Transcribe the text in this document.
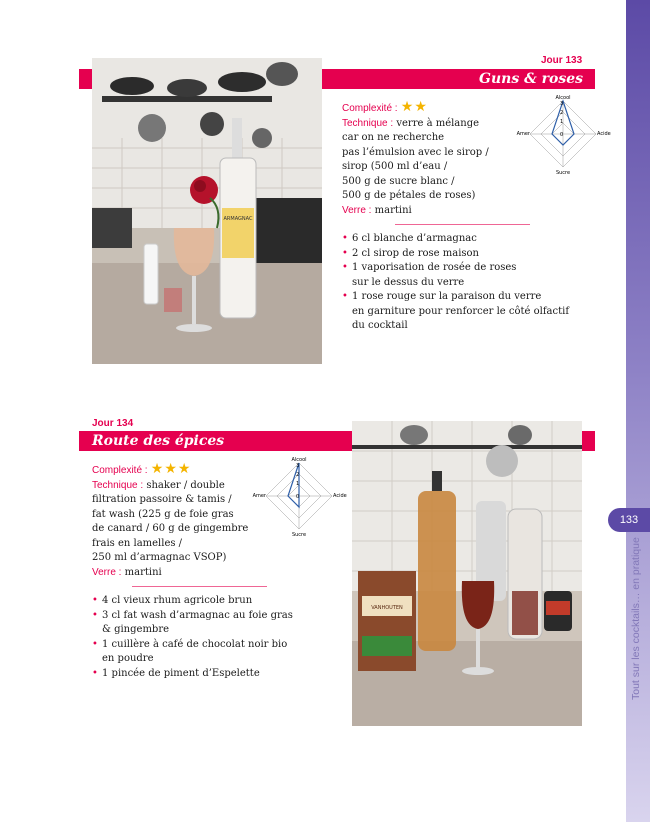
133
Tout sur les cocktails… en pratique
ARMAGNAC
Jour 133
Guns & roses
Complexité : ★★
Technique : verre à mélange
car on ne recherche
pas l’émulsion avec le sirop /
sirop (500 ml d’eau /
500 g de sucre blanc /
500 g de pétales de roses)
Verre : martini
• 6 cl blanche d’armagnac
• 2 cl sirop de rose maison
• 1 vaporisation de rosée de roses
sur le dessus du verre
• 1 rose rouge sur la paraison du verre
en garniture pour renforcer le côté olfactif
du cocktail
Alcool
Acide
Sucre
Amer
3
2
1
0
Jour 134
Route des épices
VANHOUTEN
Complexité : ★★★
Technique : shaker / double
filtration passoire & tamis /
fat wash (225 g de foie gras
de canard / 60 g de gingembre
frais en lamelles /
250 ml d’armagnac VSOP)
Verre : martini
• 4 cl vieux rhum agricole brun
• 3 cl fat wash d’armagnac au foie gras
& gingembre
• 1 cuillère à café de chocolat noir bio
en poudre
• 1 pincée de piment d’Espelette
Alcool
Acide
Sucre
Amer
3
2
1
0
